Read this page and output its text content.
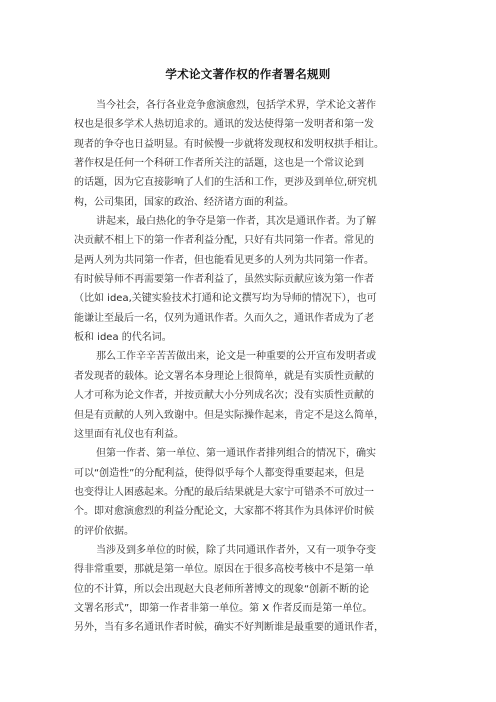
学术论文著作权的作者署名规则
当今社会，各行各业竞争愈演愈烈，包括学术界，学术论文著作
权也是很多学术人热切追求的。通讯的发达使得第一发明者和第一发
现者的争夺也日益明显。有时候慢一步就将发现权和发明权拱手相让。
著作权是任何一个科研工作者所关注的話题，这也是一个常议论到
的话题，因为它直接影响了人们的生活和工作，更涉及到单位,研究机
构，公司集团，国家的政治、经济诸方面的利益。
讲起来，最白热化的争夺是第一作者，其次是通讯作者。为了解
决贡献不相上下的第一作者利益分配，只好有共同第一作者。常见的
是两人列为共同第一作者，但也能看见更多的人列为共同第一作者。
有时候导师不再需要第一作者利益了，虽然实际贡献应该为第一作者
（比如 idea,关键实验技术打通和论文撰写均为导师的情况下），也可
能谦让至最后一名，仅列为通讯作者。久而久之，通讯作者成为了老
板和 idea 的代名词。
那么工作辛辛苦苦做出来，论文是一种重要的公开宣布发明者或
者发现者的载体。论文署名本身理论上很简单，就是有实质性贡献的
人才可称为论文作者，并按贡献大小分列成名次；没有实质性贡献的
但是有贡献的人列入致谢中。但是实际操作起来，肯定不是这么简单，
这里面有礼仪也有利益。
但第一作者、第一单位、第一通讯作者排列组合的情况下，确实
可以“创造性”的分配利益，使得似乎每个人都变得重要起来，但是
也变得让人困惑起来。分配的最后结果就是大家宁可错杀不可放过一
个。即对愈演愈烈的利益分配论文，大家都不将其作为具体评价时候
的评价依据。
当涉及到多单位的时候，除了共同通讯作者外，又有一项争夺变
得非常重要，那就是第一单位。原因在于很多高校考核中不是第一单
位的不计算，所以会出现赵大良老师所著博文的现象“创新不断的论
文署名形式”，即第一作者非第一单位。第 X 作者反而是第一单位。
另外，当有多名通讯作者时候，确实不好判断谁是最重要的通讯作者，
